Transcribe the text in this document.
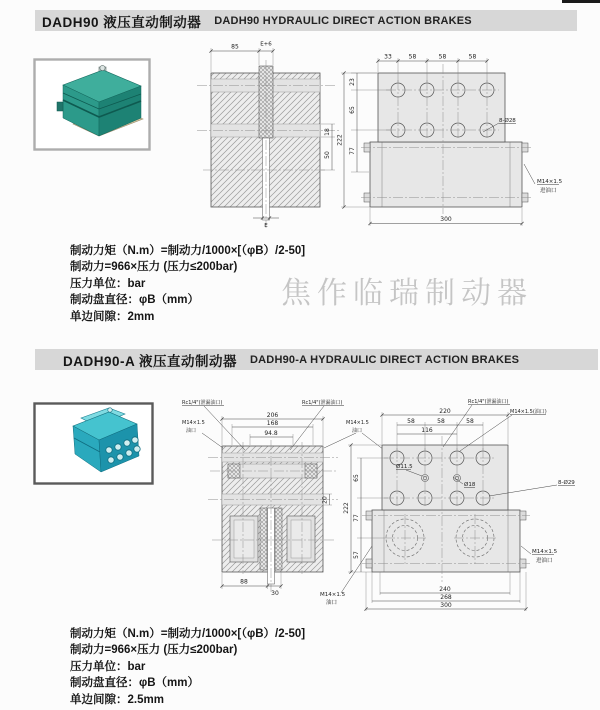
DADH90 液压直动制动器 DADH90 HYDRAULIC DIRECT ACTION BRAKES
85	E+6
18
50
222
E
33	58	58	58
23
65
77
300
8-Ø28
M14×1.5
进油口
制动力矩（N.m）=制动力/1000×[（φB）/2-50]
制动力=966×压力 (压力≤200bar)
压力单位：bar
制动盘直径：φB（mm）
单边间隙：2mm
焦作临瑞制动器
DADH90-A 液压直动制动器 DADH90-A HYDRAULIC DIRECT ACTION BRAKES
206
168
94.8
20
88
30
Rc1/4"(泄漏油口)	Rc1/4"(泄漏油口)
M14×1.5
油口
M14×1.5
油口
220
58	58	58
116
222
65
77
57
240
268
300
Rc1/4"(泄漏油口)
M14×1.5(油口)
Ø11.5
Ø18	8-Ø29
M14×1.5
进油口
M14×1.5
油口
制动力矩（N.m）=制动力/1000×[（φB）/2-50]
制动力=966×压力 (压力≤200bar)
压力单位：bar
制动盘直径：φB（mm）
单边间隙：2.5mm
